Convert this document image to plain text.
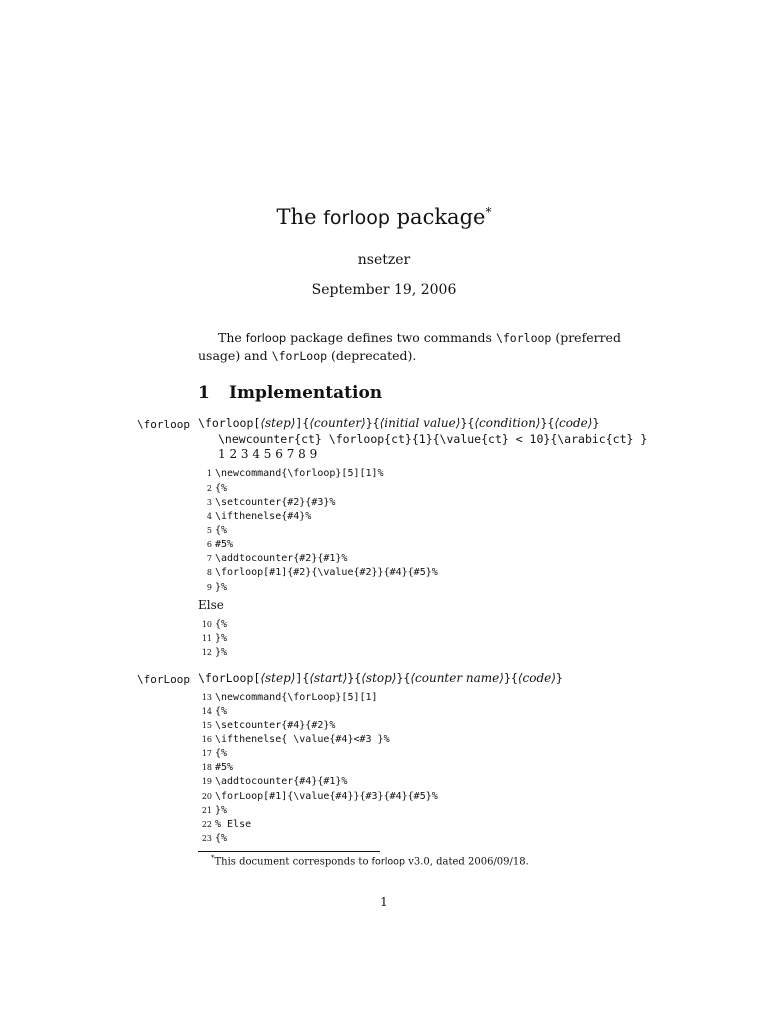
The forloop package*
nsetzer
September 19, 2006
The forloop package defines two commands \forloop (preferred usage) and \forLoop (deprecated).
1 Implementation
\forloop \forloop[⟨step⟩]{⟨counter⟩}{⟨initial value⟩}{⟨condition⟩}{⟨code⟩}
\newcounter{ct} \forloop{ct}{1}{\value{ct} < 10}{\arabic{ct} }
1 2 3 4 5 6 7 8 9
1 \newcommand{\forloop}[5][1]%
2 {%
3 \setcounter{#2}{#3}%
4 \ifthenelse{#4}%
5 {%
6 #5%
7 \addtocounter{#2}{#1}%
8 \forloop[#1]{#2}{\value{#2}}{#4}{#5}%
9 }%
Else
10 {%
11 }%
12 }%
\forLoop \forLoop[⟨step⟩]{⟨start⟩}{⟨stop⟩}{⟨counter name⟩}{⟨code⟩}
13 \newcommand{\forLoop}[5][1]
14 {%
15 \setcounter{#4}{#2}%
16 \ifthenelse{ \value{#4}<#3 }%
17 {%
18 #5%
19 \addtocounter{#4}{#1}%
20 \forLoop[#1]{\value{#4}}{#3}{#4}{#5}%
21 }%
22 % Else
23 {%
*This document corresponds to forloop v3.0, dated 2006/09/18.
1
